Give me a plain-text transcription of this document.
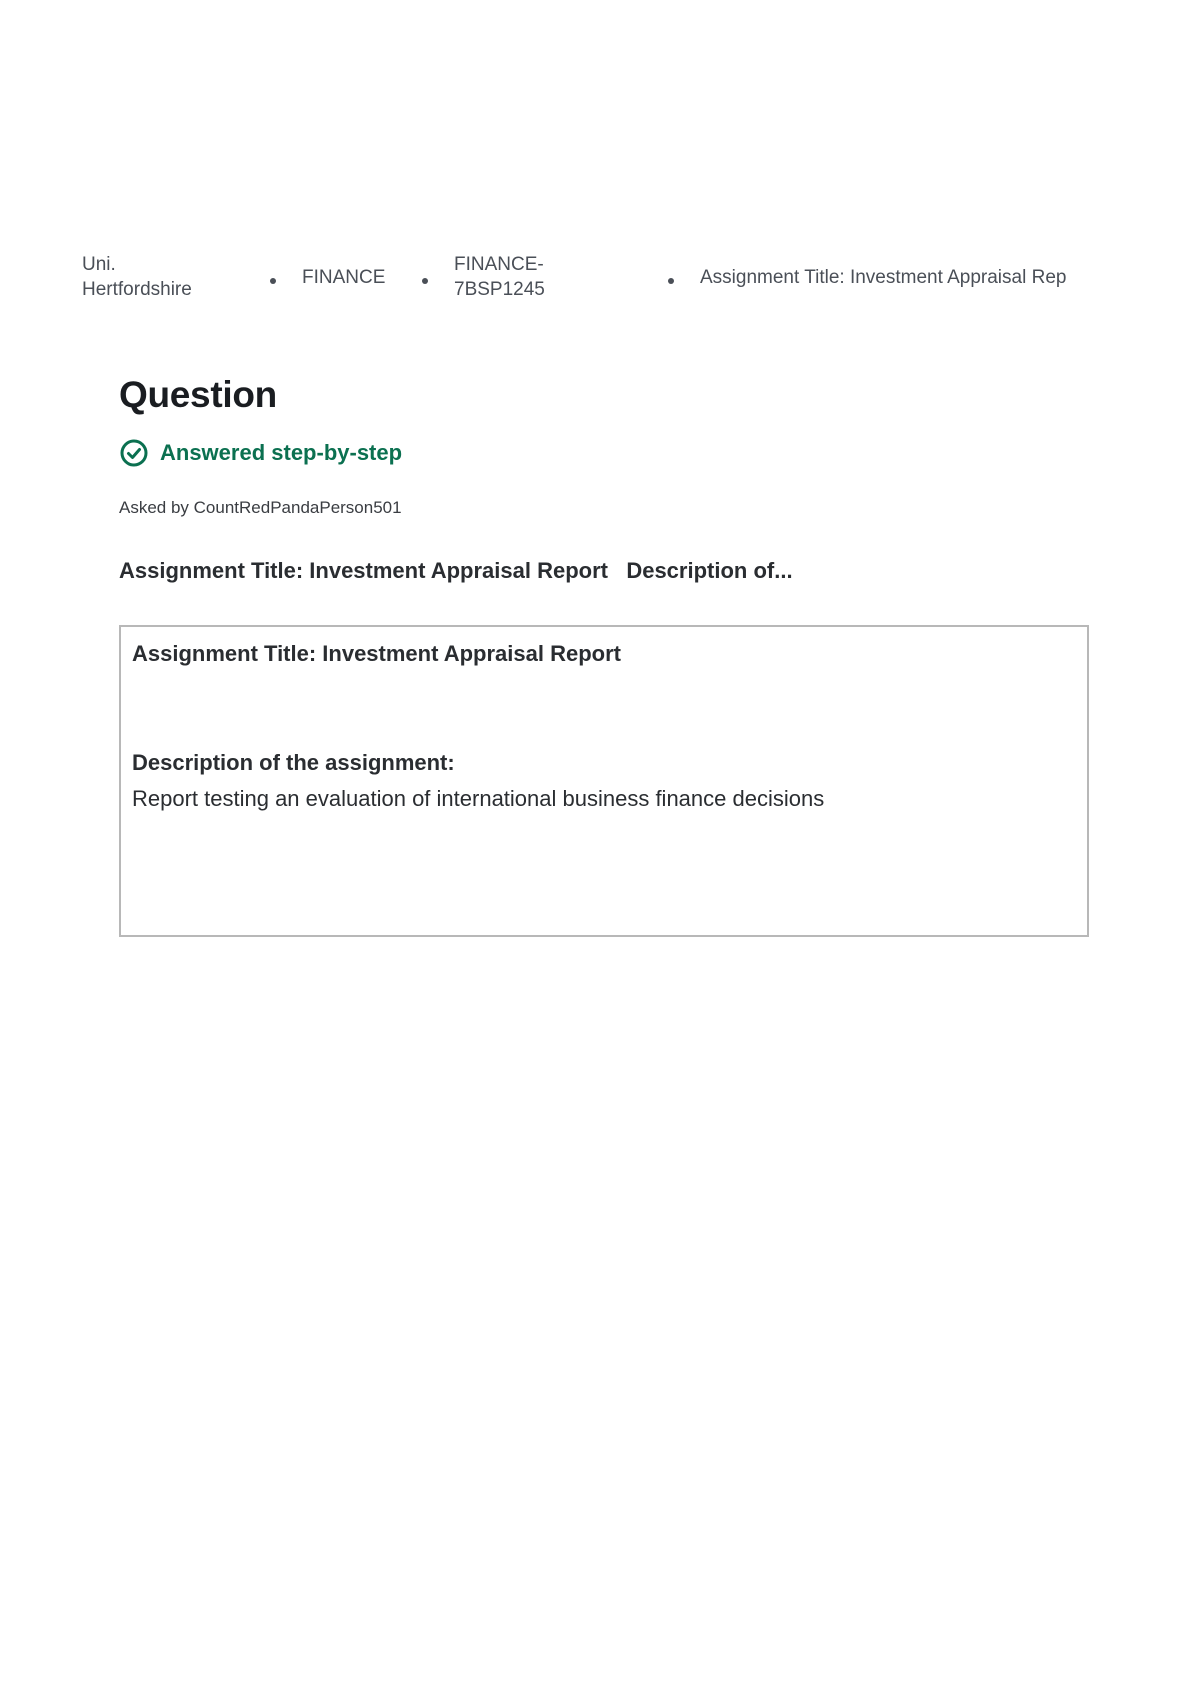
Uni.
Hertfordshire
FINANCE
FINANCE-
7BSP1245
Assignment Title: Investment Appraisal Rep
Question
Answered step-by-step
Asked by CountRedPandaPerson501
Assignment Title: Investment Appraisal Report   Description of...

Assignment Title: Investment Appraisal Report

Description of the assignment:

Report testing an evaluation of international business finance decisions
